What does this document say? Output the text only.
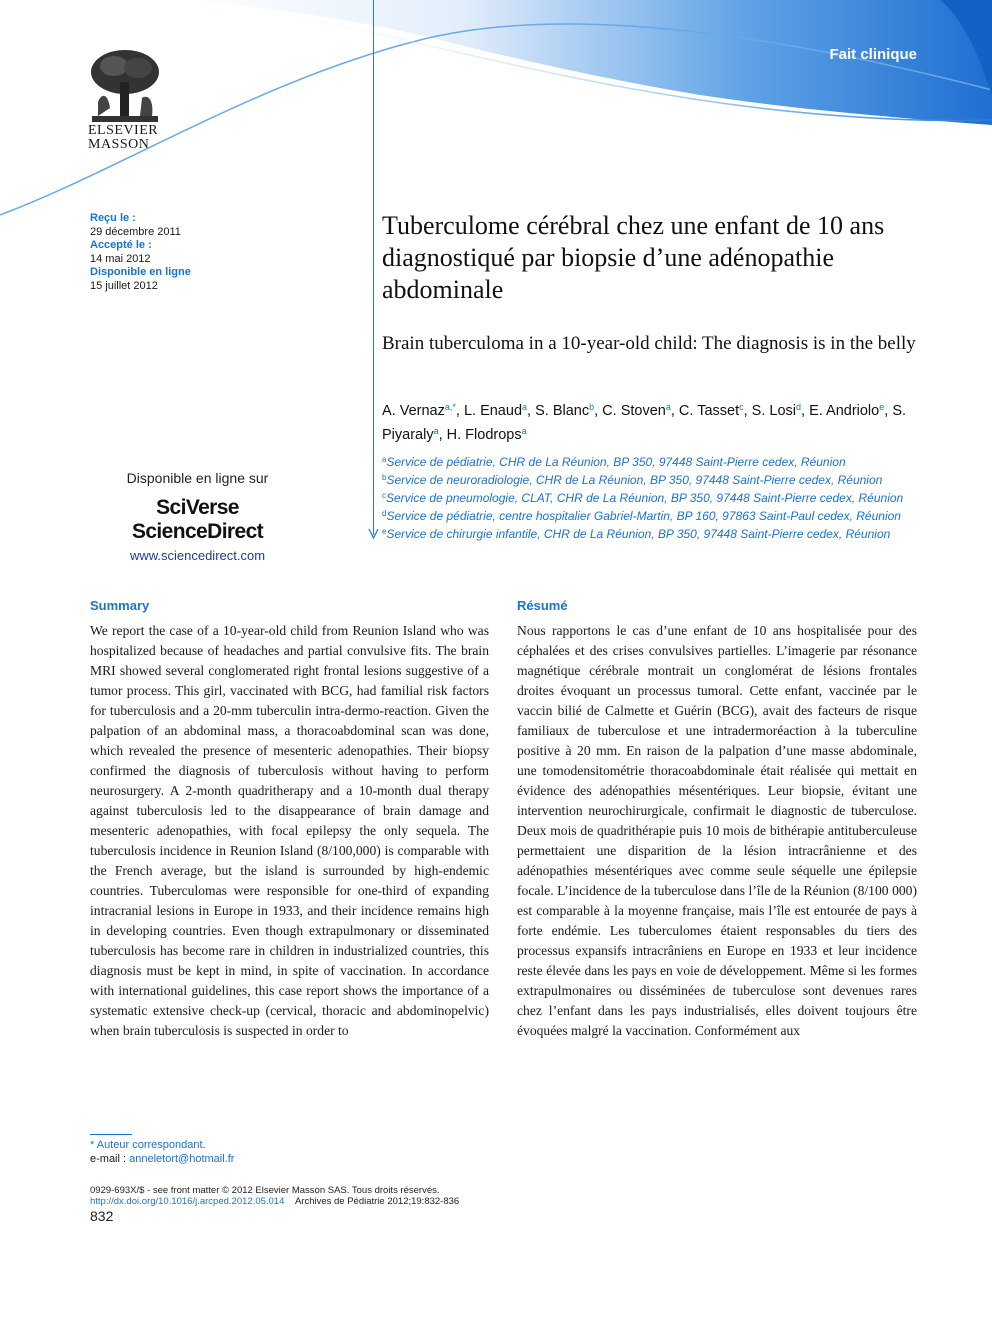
Fait clinique
ELSEVIER
MASSON
Reçu le :
29 décembre 2011
Accepté le :
14 mai 2012
Disponible en ligne
15 juillet 2012
Disponible en ligne sur
SciVerse ScienceDirect
www.sciencedirect.com
Tuberculome cérébral chez une enfant de 10 ans diagnostiqué par biopsie d’une adénopathie abdominale
Brain tuberculoma in a 10-year-old child: The diagnosis is in the belly
A. Vernaz$^{a,*}$, L. Enaud$^a$, S. Blanc$^b$, C. Stoven$^a$, C. Tasset$^c$, S. Losi$^d$, E. Andriolo$^e$, S. Piyaraly$^a$, H. Flodrops$^a$
$^a$Service de pédiatrie, CHR de La Réunion, BP 350, 97448 Saint-Pierre cedex, Réunion
$^b$Service de neuroradiologie, CHR de La Réunion, BP 350, 97448 Saint-Pierre cedex, Réunion
$^c$Service de pneumologie, CLAT, CHR de La Réunion, BP 350, 97448 Saint-Pierre cedex, Réunion
$^d$Service de pédiatrie, centre hospitalier Gabriel-Martin, BP 160, 97863 Saint-Paul cedex, Réunion
$^e$Service de chirurgie infantile, CHR de La Réunion, BP 350, 97448 Saint-Pierre cedex, Réunion
Summary
We report the case of a 10-year-old child from Reunion Island who was hospitalized because of headaches and partial convulsive fits. The brain MRI showed several conglomerated right frontal lesions suggestive of a tumor process. This girl, vaccinated with BCG, had familial risk factors for tuberculosis and a 20-mm tuberculin intra-dermo-reaction. Given the palpation of an abdominal mass, a thoracoabdominal scan was done, which revealed the presence of mesenteric adenopathies. Their biopsy confirmed the diagnosis of tuberculosis without having to perform neurosurgery. A 2-month quadritherapy and a 10-month dual therapy against tuberculosis led to the disappearance of brain damage and mesenteric adenopathies, with focal epilepsy the only sequela. The tuberculosis incidence in Reunion Island (8/100,000) is comparable with the French average, but the island is surrounded by high-endemic countries. Tuberculomas were responsible for one-third of expanding intracranial lesions in Europe in 1933, and their incidence remains high in developing countries. Even though extrapulmonary or disseminated tuberculosis has become rare in children in industrialized countries, this diagnosis must be kept in mind, in spite of vaccination. In accordance with international guidelines, this case report shows the importance of a systematic extensive check-up (cervical, thoracic and abdominopelvic) when brain tuberculosis is suspected in order to
Résumé
Nous rapportons le cas d’une enfant de 10 ans hospitalisée pour des céphalées et des crises convulsives partielles. L’imagerie par résonance magnétique cérébrale montrait un conglomérat de lésions frontales droites évoquant un processus tumoral. Cette enfant, vaccinée par le vaccin bilié de Calmette et Guérin (BCG), avait des facteurs de risque familiaux de tuberculose et une intradermoréaction à la tuberculine positive à 20 mm. En raison de la palpation d’une masse abdominale, une tomodensitométrie thoracoabdominale était réalisée qui mettait en évidence des adénopathies mésentériques. Leur biopsie, évitant une intervention neurochirurgicale, confirmait le diagnostic de tuberculose. Deux mois de quadrithérapie puis 10 mois de bithérapie antituberculeuse permettaient une disparition de la lésion intracrânienne et des adénopathies mésentériques avec comme seule séquelle une épilepsie focale. L’incidence de la tuberculose dans l’île de la Réunion (8/100 000) est comparable à la moyenne française, mais l’île est entourée de pays à forte endémie. Les tuberculomes étaient responsables du tiers des processus expansifs intracrâniens en Europe en 1933 et leur incidence reste élevée dans les pays en voie de développement. Même si les formes extrapulmonaires ou disséminées de tuberculose sont devenues rares chez l’enfant dans les pays industrialisés, elles doivent toujours être évoquées malgré la vaccination. Conformément aux
* Auteur correspondant.
e-mail : anneletort@hotmail.fr
0929-693X/$ - see front matter © 2012 Elsevier Masson SAS. Tous droits réservés.
http://dx.doi.org/10.1016/j.arcped.2012.05.014 Archives de Pédiatrie 2012;19:832-836
832
